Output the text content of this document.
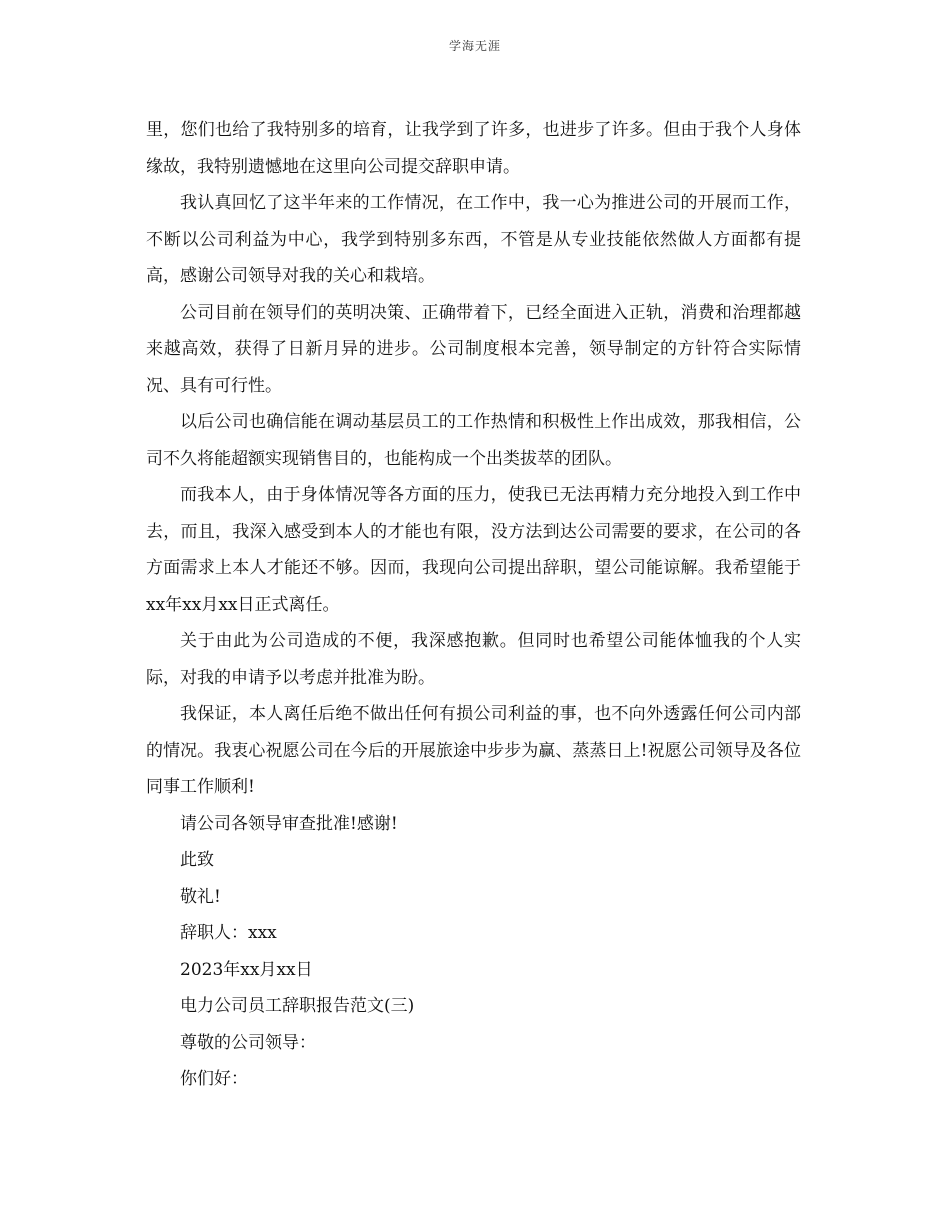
学海无涯

里，您们也给了我特别多的培育，让我学到了许多，也进步了许多。但由于我个人身体缘故，我特别遗憾地在这里向公司提交辞职申请。

我认真回忆了这半年来的工作情况，在工作中，我一心为推进公司的开展而工作，不断以公司利益为中心，我学到特别多东西，不管是从专业技能依然做人方面都有提高，感谢公司领导对我的关心和栽培。

公司目前在领导们的英明决策、正确带着下，已经全面进入正轨，消费和治理都越来越高效，获得了日新月异的进步。公司制度根本完善，领导制定的方针符合实际情况、具有可行性。

以后公司也确信能在调动基层员工的工作热情和积极性上作出成效，那我相信，公司不久将能超额实现销售目的，也能构成一个出类拔萃的团队。

而我本人，由于身体情况等各方面的压力，使我已无法再精力充分地投入到工作中去，而且，我深入感受到本人的才能也有限，没方法到达公司需要的要求，在公司的各方面需求上本人才能还不够。因而，我现向公司提出辞职，望公司能谅解。我希望能于xx年xx月xx日正式离任。

关于由此为公司造成的不便，我深感抱歉。但同时也希望公司能体恤我的个人实际，对我的申请予以考虑并批准为盼。

我保证，本人离任后绝不做出任何有损公司利益的事，也不向外透露任何公司内部的情况。我衷心祝愿公司在今后的开展旅途中步步为赢、蒸蒸日上!祝愿公司领导及各位同事工作顺利!

请公司各领导审查批准!感谢!

此致

敬礼!

辞职人：xxx

2023年xx月xx日

电力公司员工辞职报告范文(三)

尊敬的公司领导：

你们好：
